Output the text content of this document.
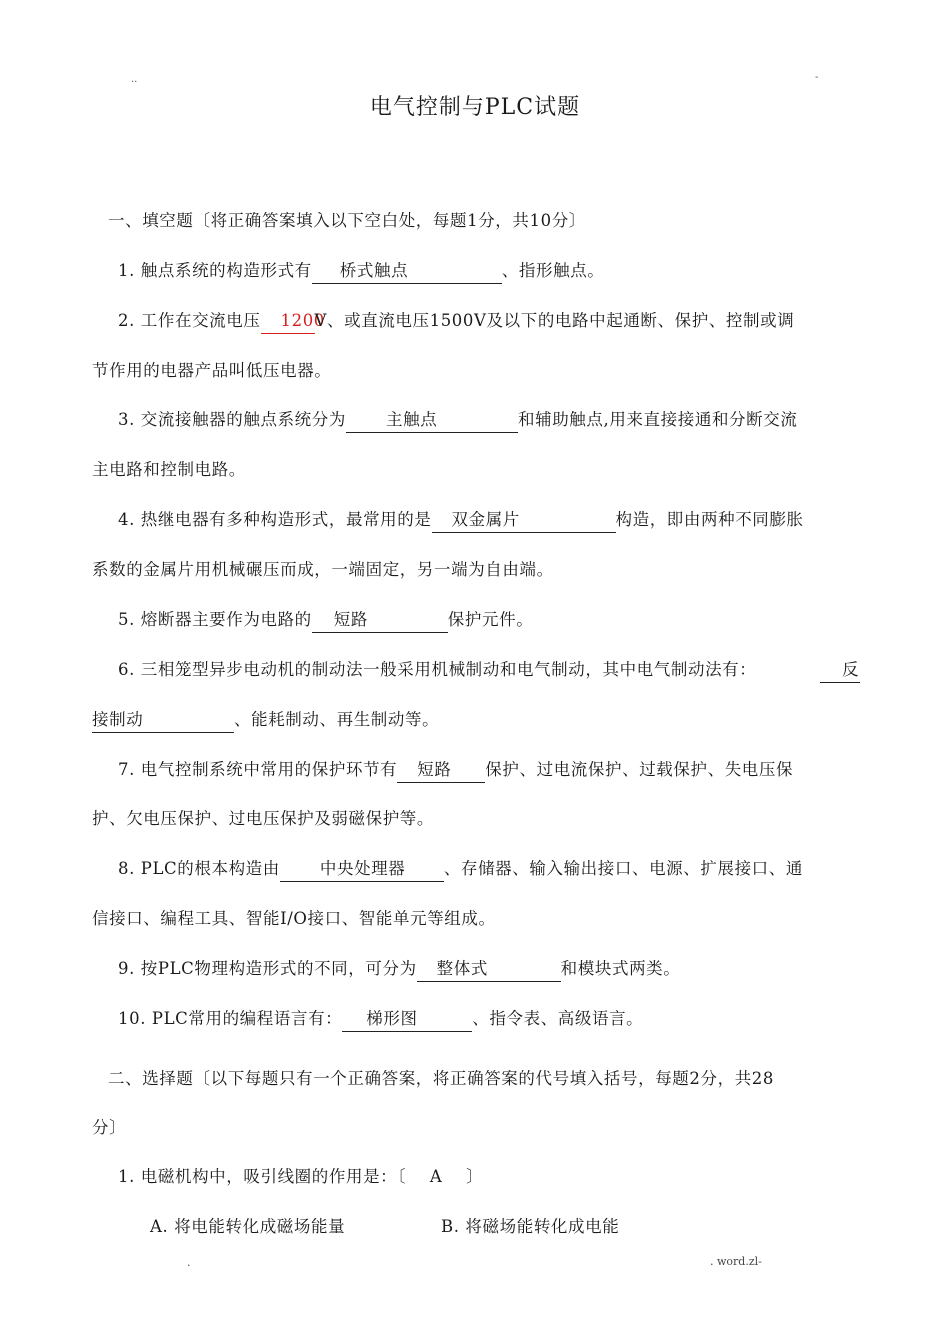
..	-
电气控制与PLC试题
一、填空题〔将正确答案填入以下空白处，每题1分，共10分〕
1. 触点系统的构造形式有 桥式触点	、指形触点。
2. 工作在交流电压 1200V、或直流电压1500V及以下的电路中起通断、保护、控制或调
节作用的电器产品叫低压电器。
3. 交流接触器的触点系统分为 主触点	和辅助触点,用来直接接通和分断交流
主电路和控制电路。
4. 热继电器有多种构造形式，最常用的是 双金属片	构造，即由两种不同膨胀
系数的金属片用机械碾压而成，一端固定，另一端为自由端。
5. 熔断器主要作为电路的 短路	保护元件。
6. 三相笼型异步电动机的制动法一般采用机械制动和电气制动，其中电气制动法有：	反
接制动	、能耗制动、再生制动等。
7. 电气控制系统中常用的保护环节有 短路 保护、过电流保护、过载保护、失电压保
护、欠电压保护、过电压保护及弱磁保护等。
8. PLC的根本构造由 中央处理器 、存储器、输入输出接口、电源、扩展接口、通
信接口、编程工具、智能I/O接口、智能单元等组成。
9. 按PLC物理构造形式的不同，可分为 整体式	和模块式两类。
10. PLC常用的编程语言有： 梯形图	、指令表、高级语言。
二、选择题〔以下每题只有一个正确答案，将正确答案的代号填入括号，每题2分，共28
分〕
1. 电磁机构中，吸引线圈的作用是：〔 A 〕
A. 将电能转化成磁场能量	B. 将磁场能转化成电能
.	. word.zl-
